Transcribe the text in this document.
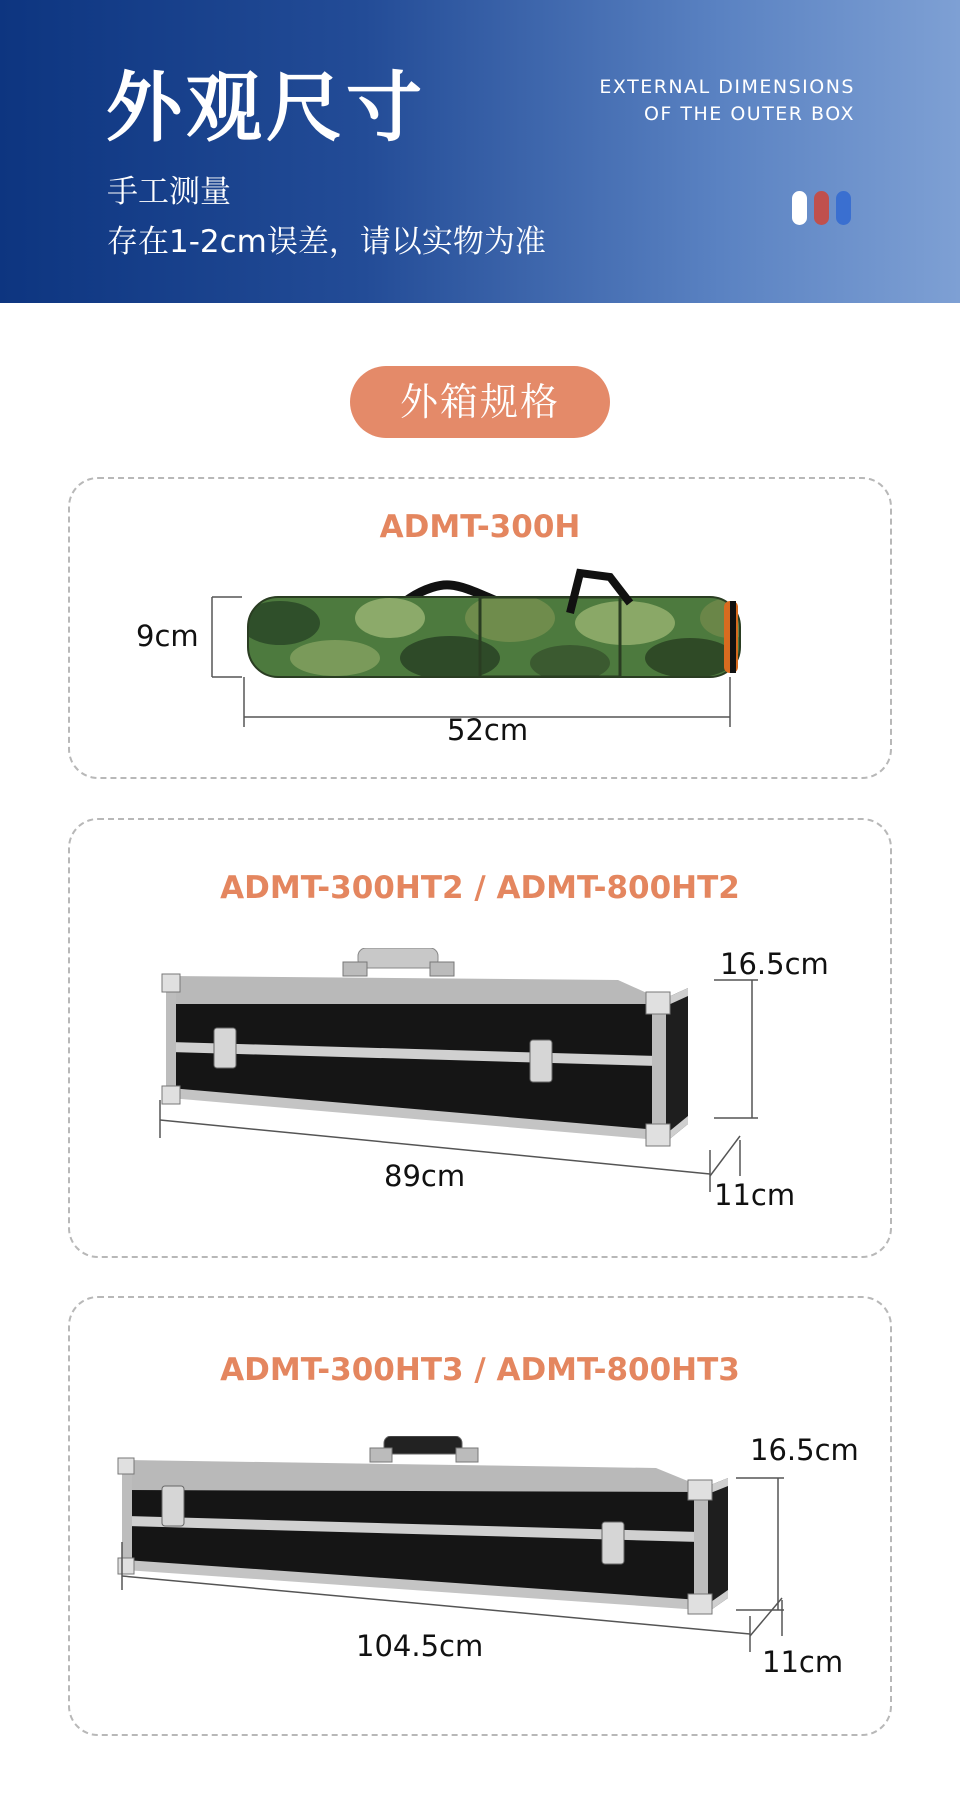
外观尺寸
手工测量
存在1-2cm误差，请以实物为准
EXTERNAL DIMENSIONS
OF THE OUTER BOX
外箱规格
ADMT-300H
9cm
52cm
ADMT-300HT2 / ADMT-800HT2
16.5cm
89cm
11cm
ADMT-300HT3 / ADMT-800HT3
16.5cm
104.5cm	11cm
